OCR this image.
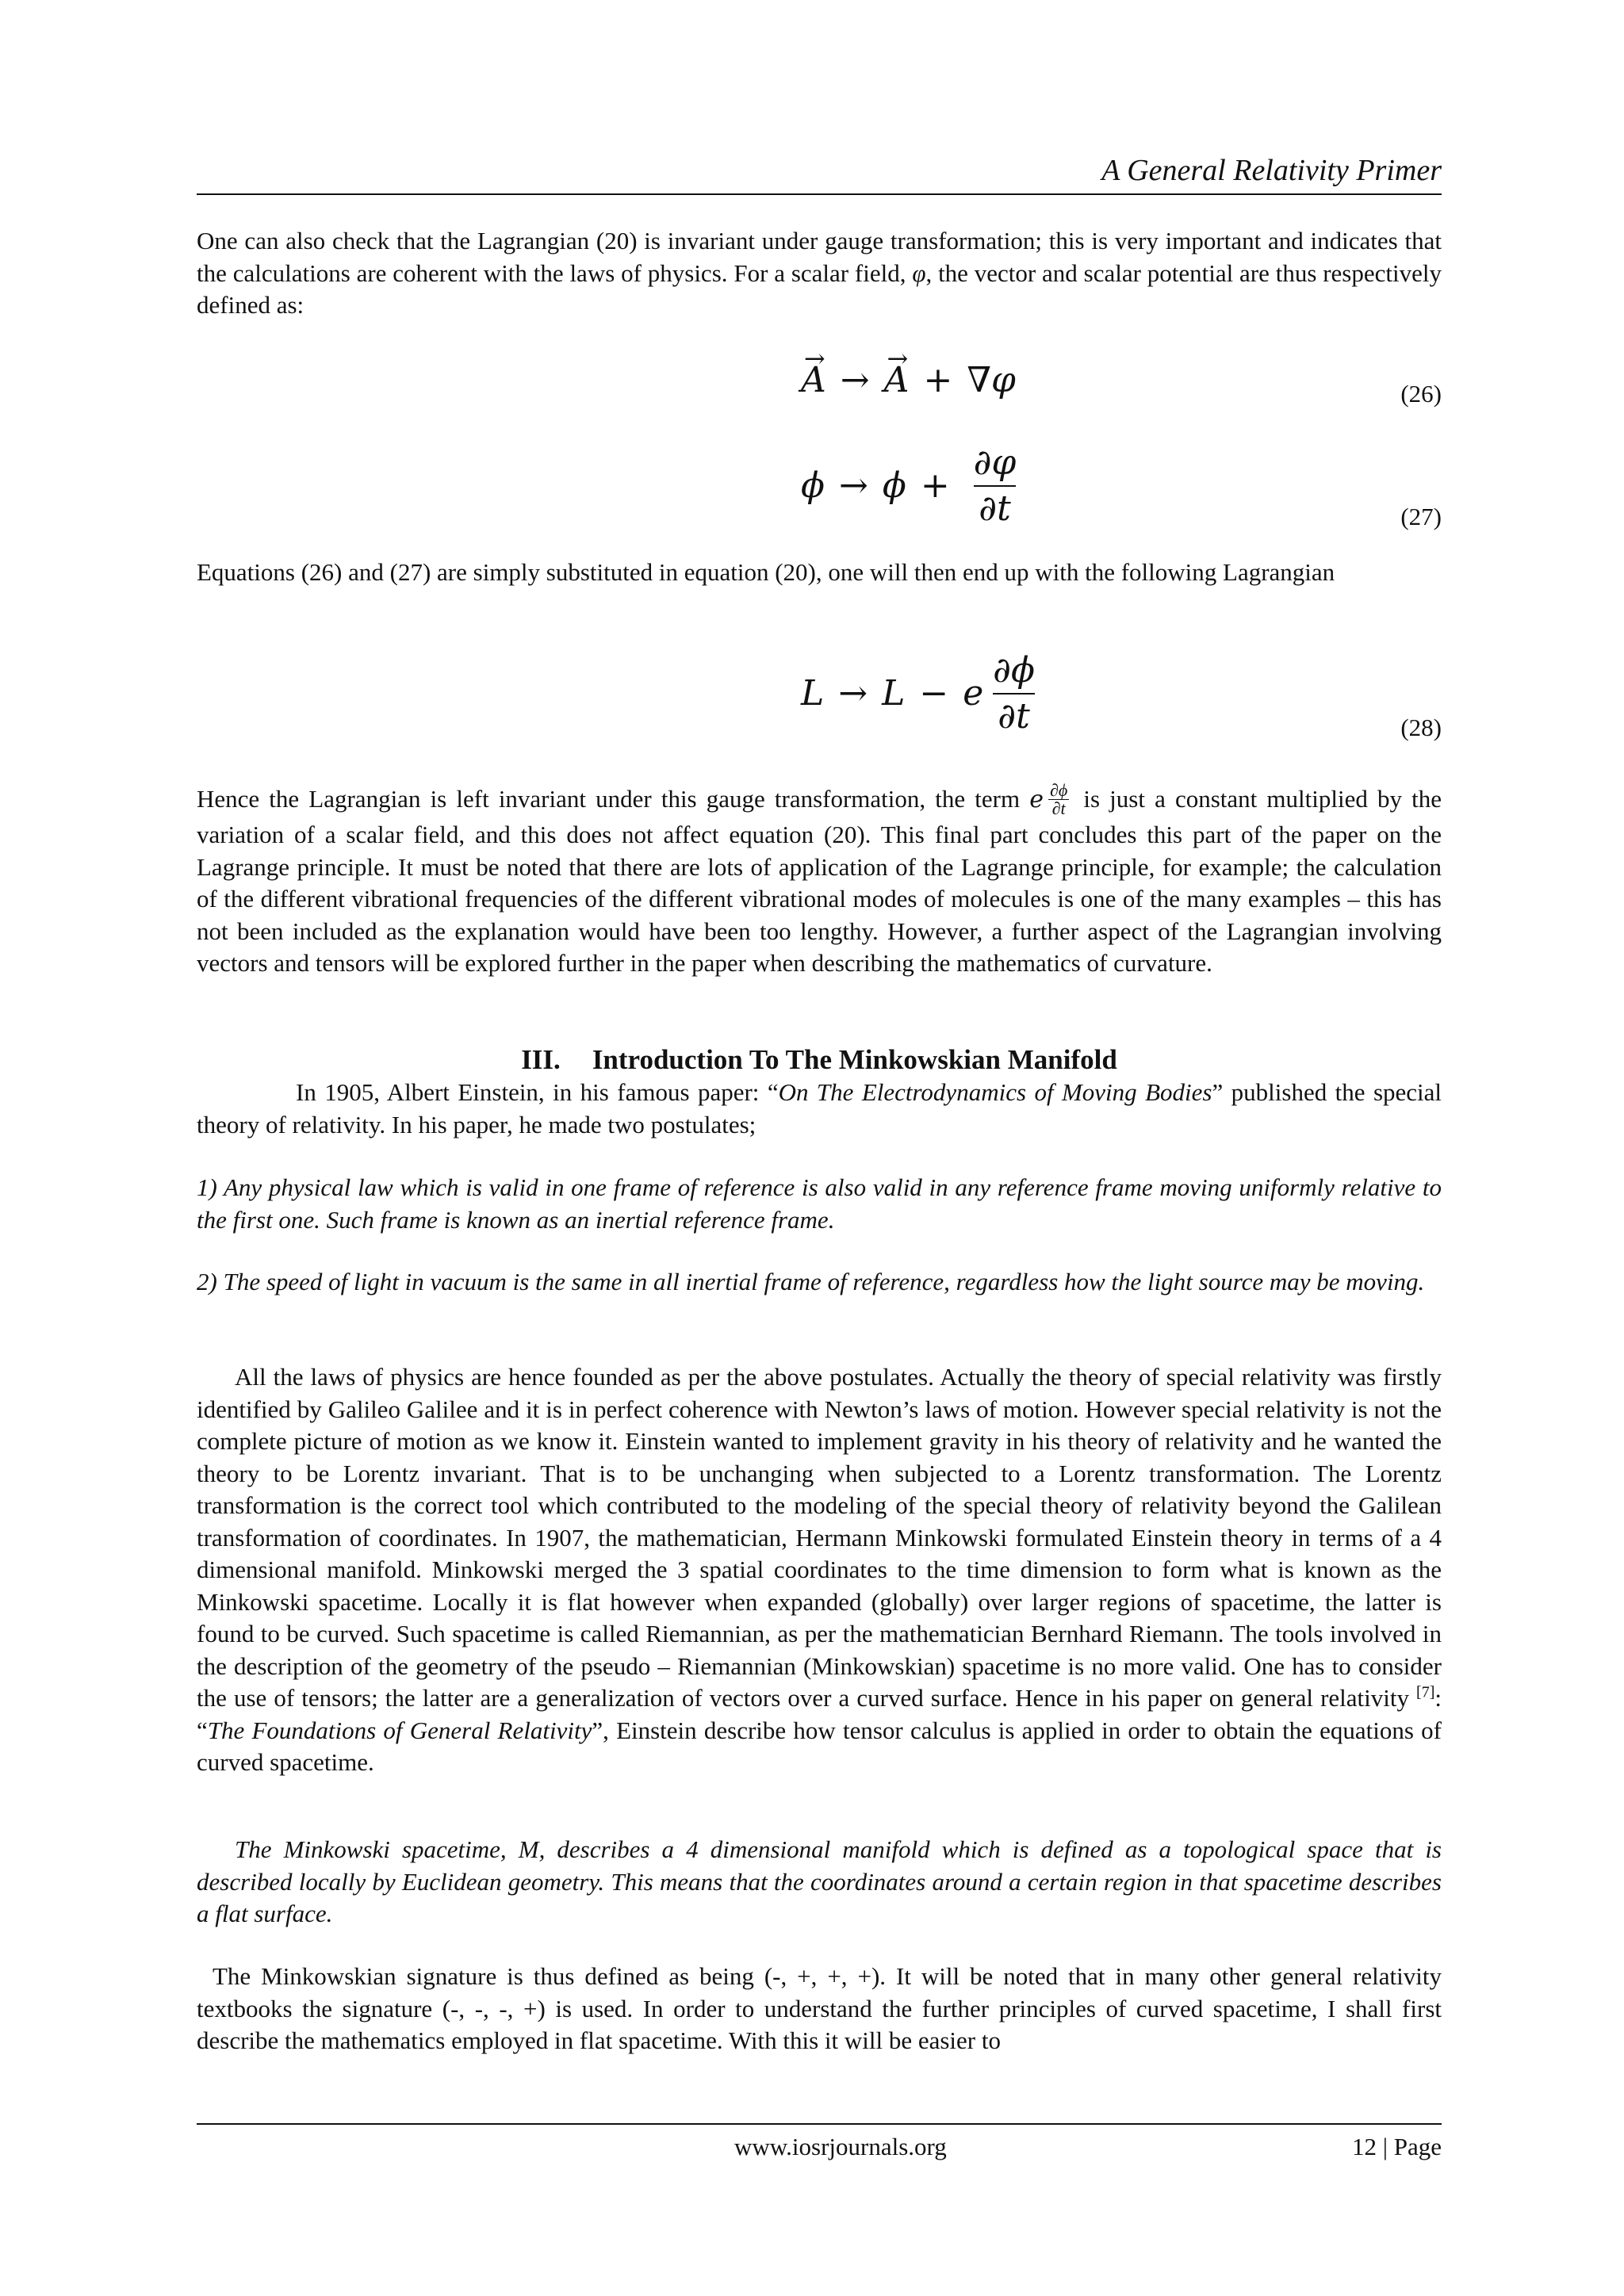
A General Relativity Primer

One can also check that the Lagrangian (20) is invariant under gauge transformation; this is very important and indicates that the calculations are coherent with the laws of physics. For a scalar field, φ, the vector and scalar potential are thus respectively defined as:

→ A →
→ A + ∇φ	(26)
$\phi \to \phi + \frac{\partial\varphi}{\partial t}$	(27)

Equations (26) and (27) are simply substituted in equation (20), one will then end up with the following Lagrangian

L → L − e $\frac{\partial\phi}{\partial t}$	(28)

Hence the Lagrangian is left invariant under this gauge transformation, the term e $\frac{\partial\phi}{\partial t}$ is just a constant multiplied by the variation of a scalar field, and this does not affect equation (20). This final part concludes this part of the paper on the Lagrange principle. It must be noted that there are lots of application of the Lagrange principle, for example; the calculation of the different vibrational frequencies of the different vibrational modes of molecules is one of the many examples – this has not been included as the explanation would have been too lengthy. However, a further aspect of the Lagrangian involving vectors and tensors will be explored further in the paper when describing the mathematics of curvature.

III. Introduction To The Minkowskian Manifold

In 1905, Albert Einstein, in his famous paper: “On The Electrodynamics of Moving Bodies” published the special theory of relativity. In his paper, he made two postulates;

1) Any physical law which is valid in one frame of reference is also valid in any reference frame moving uniformly relative to the first one. Such frame is known as an inertial reference frame.
2) The speed of light in vacuum is the same in all inertial frame of reference, regardless how the light source may be moving.

All the laws of physics are hence founded as per the above postulates. Actually the theory of special relativity was firstly identified by Galileo Galilee and it is in perfect coherence with Newton’s laws of motion. However special relativity is not the complete picture of motion as we know it. Einstein wanted to implement gravity in his theory of relativity and he wanted the theory to be Lorentz invariant. That is to be unchanging when subjected to a Lorentz transformation. The Lorentz transformation is the correct tool which contributed to the modeling of the special theory of relativity beyond the Galilean transformation of coordinates. In 1907, the mathematician, Hermann Minkowski formulated Einstein theory in terms of a 4 dimensional manifold. Minkowski merged the 3 spatial coordinates to the time dimension to form what is known as the Minkowski spacetime. Locally it is flat however when expanded (globally) over larger regions of spacetime, the latter is found to be curved. Such spacetime is called Riemannian, as per the mathematician Bernhard Riemann. The tools involved in the description of the geometry of the pseudo – Riemannian (Minkowskian) spacetime is no more valid. One has to consider the use of tensors; the latter are a generalization of vectors over a curved surface. Hence in his paper on general relativity [7]: “The Foundations of General Relativity”, Einstein describe how tensor calculus is applied in order to obtain the equations of curved spacetime.

The Minkowski spacetime, M, describes a 4 dimensional manifold which is defined as a topological space that is described locally by Euclidean geometry. This means that the coordinates around a certain region in that spacetime describes a flat surface.
The Minkowskian signature is thus defined as being (-, +, +, +). It will be noted that in many other general relativity textbooks the signature (-, -, -, +) is used. In order to understand the further principles of curved spacetime, I shall first describe the mathematics employed in flat spacetime. With this it will be easier to
www.iosrjournals.org	12 | Page
